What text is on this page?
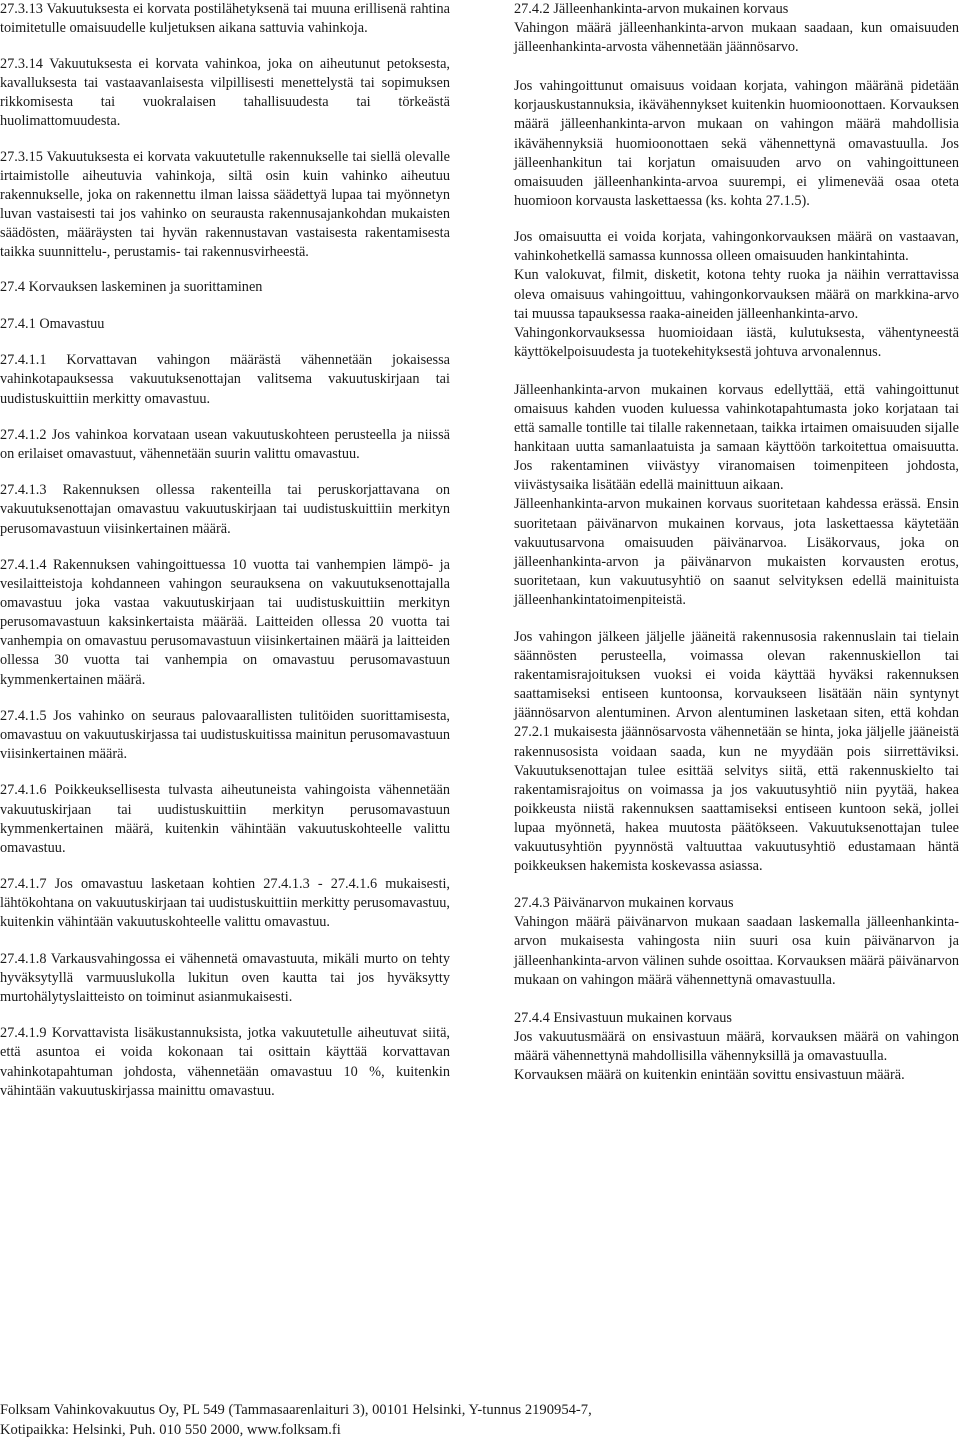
27.3.13 Vakuutuksesta ei korvata postilähetyksenä tai muuna erillisenä rahtina toimitetulle omaisuudelle kuljetuksen aikana sattuvia vahinkoja.

27.3.14 Vakuutuksesta ei korvata vahinkoa, joka on aiheutunut petoksesta, kavalluksesta tai vastaavanlaisesta vilpillisesti menettelystä tai sopimuksen rikkomisesta tai vuokralaisen tahallisuudesta tai törkeästä huolimattomuudesta.

27.3.15 Vakuutuksesta ei korvata vakuutetulle rakennukselle tai siellä olevalle irtaimistolle aiheutuvia vahinkoja, siltä osin kuin vahinko aiheutuu rakennukselle, joka on rakennettu ilman laissa säädettyä lupaa tai myönnetyn luvan vastaisesti tai jos vahinko on seurausta rakennusajankohdan mukaisten säädösten, määräysten tai hyvän rakennustavan vastaisesta rakentamisesta taikka suunnittelu-, perustamis- tai rakennusvirheestä.

27.4 Korvauksen laskeminen ja suorittaminen

27.4.1 Omavastuu

27.4.1.1 Korvattavan vahingon määrästä vähennetään jokaisessa vahinkotapauksessa vakuutuksenottajan valitsema vakuutuskirjaan tai uudistuskuittiin merkitty omavastuu.

27.4.1.2 Jos vahinkoa korvataan usean vakuutuskohteen perusteella ja niissä on erilaiset omavastuut, vähennetään suurin valittu omavastuu.

27.4.1.3 Rakennuksen ollessa rakenteilla tai peruskorjattavana on vakuutuksenottajan omavastuu vakuutuskirjaan tai uudistuskuittiin merkityn perusomavastuun viisinkertainen määrä.

27.4.1.4 Rakennuksen vahingoittuessa 10 vuotta tai vanhempien lämpö- ja vesilaitteistoja kohdanneen vahingon seurauksena on vakuutuksenottajalla omavastuu joka vastaa vakuutuskirjaan tai uudistuskuittiin merkityn perusomavastuun kaksinkertaista määrää. Laitteiden ollessa 20 vuotta tai vanhempia on omavastuu perusomavastuun viisinkertainen määrä ja laitteiden ollessa 30 vuotta tai vanhempia on omavastuu perusomavastuun kymmenkertainen määrä.

27.4.1.5 Jos vahinko on seuraus palovaarallisten tulitöiden suorittamisesta, omavastuu on vakuutuskirjassa tai uudistuskuitissa mainitun perusomavastuun viisinkertainen määrä.

27.4.1.6 Poikkeuksellisesta tulvasta aiheutuneista vahingoista vähennetään vakuutuskirjaan tai uudistuskuittiin merkityn perusomavastuun kymmenkertainen määrä, kuitenkin vähintään vakuutuskohteelle valittu omavastuu.

27.4.1.7 Jos omavastuu lasketaan kohtien 27.4.1.3 - 27.4.1.6 mukaisesti, lähtökohtana on vakuutuskirjaan tai uudistuskuittiin merkitty perusomavastuu, kuitenkin vähintään vakuutuskohteelle valittu omavastuu.

27.4.1.8 Varkausvahingossa ei vähennetä omavastuuta, mikäli murto on tehty hyväksytyllä varmuuslukolla lukitun oven kautta tai jos hyväksytty murtohälytyslaitteisto on toiminut asianmukaisesti.

27.4.1.9 Korvattavista lisäkustannuksista, jotka vakuutetulle aiheutuvat siitä, että asuntoa ei voida kokonaan tai osittain käyttää korvattavan vahinkotapahtuman johdosta, vähennetään omavastuu 10 %, kuitenkin vähintään vakuutuskirjassa mainittu omavastuu.

27.4.2 Jälleenhankinta-arvon mukainen korvaus

Vahingon määrä jälleenhankinta-arvon mukaan saadaan, kun omaisuuden jälleenhankinta-arvosta vähennetään jäännösarvo.

Jos vahingoittunut omaisuus voidaan korjata, vahingon määränä pidetään korjauskustannuksia, ikävähennykset kuitenkin huomioonottaen. Korvauksen määrä jälleenhankinta-arvon mukaan on vahingon määrä mahdollisia ikävähennyksiä huomioonottaen sekä vähennettynä omavastuulla. Jos jälleenhankitun tai korjatun omaisuuden arvo on vahingoittuneen omaisuuden jälleenhankinta-arvoa suurempi, ei ylimenevää osaa oteta huomioon korvausta laskettaessa (ks. kohta 27.1.5).

Jos omaisuutta ei voida korjata, vahingonkorvauksen määrä on vastaavan, vahinkohetkellä samassa kunnossa olleen omaisuuden hankintahinta.

Kun valokuvat, filmit, disketit, kotona tehty ruoka ja näihin verrattavissa oleva omaisuus vahingoittuu, vahingonkorvauksen määrä on markkina-arvo tai muussa tapauksessa raaka-aineiden jälleenhankinta-arvo.

Vahingonkorvauksessa huomioidaan iästä, kulutuksesta, vähentyneestä käyttökelpoisuudesta ja tuotekehityksestä johtuva arvonalennus.

Jälleenhankinta-arvon mukainen korvaus edellyttää, että vahingoittunut omaisuus kahden vuoden kuluessa vahinkotapahtumasta joko korjataan tai että samalle tontille tai tilalle rakennetaan, taikka irtaimen omaisuuden sijalle hankitaan uutta samanlaatuista ja samaan käyttöön tarkoitettua omaisuutta. Jos rakentaminen viivästyy viranomaisen toimenpiteen johdosta, viivästysaika lisätään edellä mainittuun aikaan.

Jälleenhankinta-arvon mukainen korvaus suoritetaan kahdessa erässä. Ensin suoritetaan päivänarvon mukainen korvaus, jota laskettaessa käytetään vakuutusarvona omaisuuden päivänarvoa. Lisäkorvaus, joka on jälleenhankinta-arvon ja päivänarvon mukaisten korvausten erotus, suoritetaan, kun vakuutusyhtiö on saanut selvityksen edellä mainituista jälleenhankintatoimenpiteistä.

Jos vahingon jälkeen jäljelle jääneitä rakennusosia rakennuslain tai tielain säännösten perusteella, voimassa olevan rakennuskiellon tai rakentamisrajoituksen vuoksi ei voida käyttää hyväksi rakennuksen saattamiseksi entiseen kuntoonsa, korvaukseen lisätään näin syntynyt jäännösarvon alentuminen. Arvon alentuminen lasketaan siten, että kohdan 27.2.1 mukaisesta jäännösarvosta vähennetään se hinta, joka jäljelle jääneistä rakennusosista voidaan saada, kun ne myydään pois siirrettäviksi. Vakuutuksenottajan tulee esittää selvitys siitä, että rakennuskielto tai rakentamisrajoitus on voimassa ja jos vakuutusyhtiö niin pyytää, hakea poikkeusta niistä rakennuksen saattamiseksi entiseen kuntoon sekä, jollei lupaa myönnetä, hakea muutosta päätökseen. Vakuutuksenottajan tulee vakuutusyhtiön pyynnöstä valtuuttaa vakuutusyhtiö edustamaan häntä poikkeuksen hakemista koskevassa asiassa.

27.4.3 Päivänarvon mukainen korvaus

Vahingon määrä päivänarvon mukaan saadaan laskemalla jälleenhankinta-arvon mukaisesta vahingosta niin suuri osa kuin päivänarvon ja jälleenhankinta-arvon välinen suhde osoittaa. Korvauksen määrä päivänarvon mukaan on vahingon määrä vähennettynä omavastuulla.

27.4.4 Ensivastuun mukainen korvaus

Jos vakuutusmäärä on ensivastuun määrä, korvauksen määrä on vahingon määrä vähennettynä mahdollisilla vähennyksillä ja omavastuulla.

Korvauksen määrä on kuitenkin enintään sovittu ensivastuun määrä.

Folksam Vahinkovakuutus Oy, PL 549 (Tammasaarenlaituri 3), 00101 Helsinki, Y-tunnus 2190954-7,
Kotipaikka: Helsinki, Puh. 010 550 2000, www.folksam.fi
